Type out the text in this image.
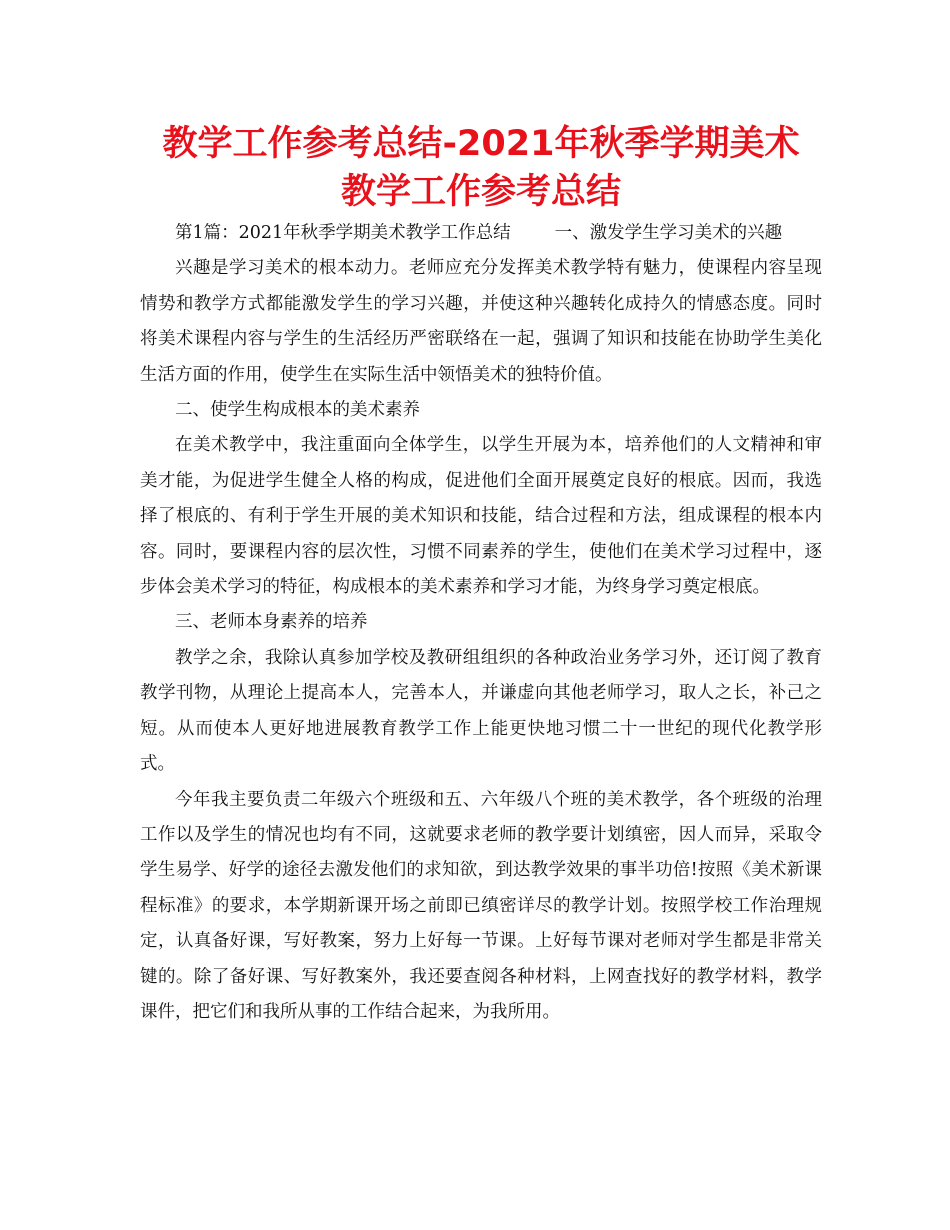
教学工作参考总结-2021年秋季学期美术教学工作参考总结

第1篇：2021年秋季学期美术教学工作总结	一、激发学生学习美术的兴趣

兴趣是学习美术的根本动力。老师应充分发挥美术教学特有魅力，使课程内容呈现情势和教学方式都能激发学生的学习兴趣，并使这种兴趣转化成持久的情感态度。同时将美术课程内容与学生的生活经历严密联络在一起，强调了知识和技能在协助学生美化生活方面的作用，使学生在实际生活中领悟美术的独特价值。

二、使学生构成根本的美术素养

在美术教学中，我注重面向全体学生，以学生开展为本，培养他们的人文精神和审美才能，为促进学生健全人格的构成，促进他们全面开展奠定良好的根底。因而，我选择了根底的、有利于学生开展的美术知识和技能，结合过程和方法，组成课程的根本内容。同时，要课程内容的层次性，习惯不同素养的学生，使他们在美术学习过程中，逐步体会美术学习的特征，构成根本的美术素养和学习才能，为终身学习奠定根底。

三、老师本身素养的培养

教学之余，我除认真参加学校及教研组组织的各种政治业务学习外，还订阅了教育教学刊物，从理论上提高本人，完善本人，并谦虚向其他老师学习，取人之长，补己之短。从而使本人更好地进展教育教学工作上能更快地习惯二十一世纪的现代化教学形式。

今年我主要负责二年级六个班级和五、六年级八个班的美术教学，各个班级的治理工作以及学生的情况也均有不同，这就要求老师的教学要计划缜密，因人而异，采取令学生易学、好学的途径去激发他们的求知欲，到达教学效果的事半功倍!按照《美术新课程标准》的要求，本学期新课开场之前即已缜密详尽的教学计划。按照学校工作治理规定，认真备好课，写好教案，努力上好每一节课。上好每节课对老师对学生都是非常关键的。除了备好课、写好教案外，我还要查阅各种材料，上网查找好的教学材料，教学课件，把它们和我所从事的工作结合起来，为我所用。
